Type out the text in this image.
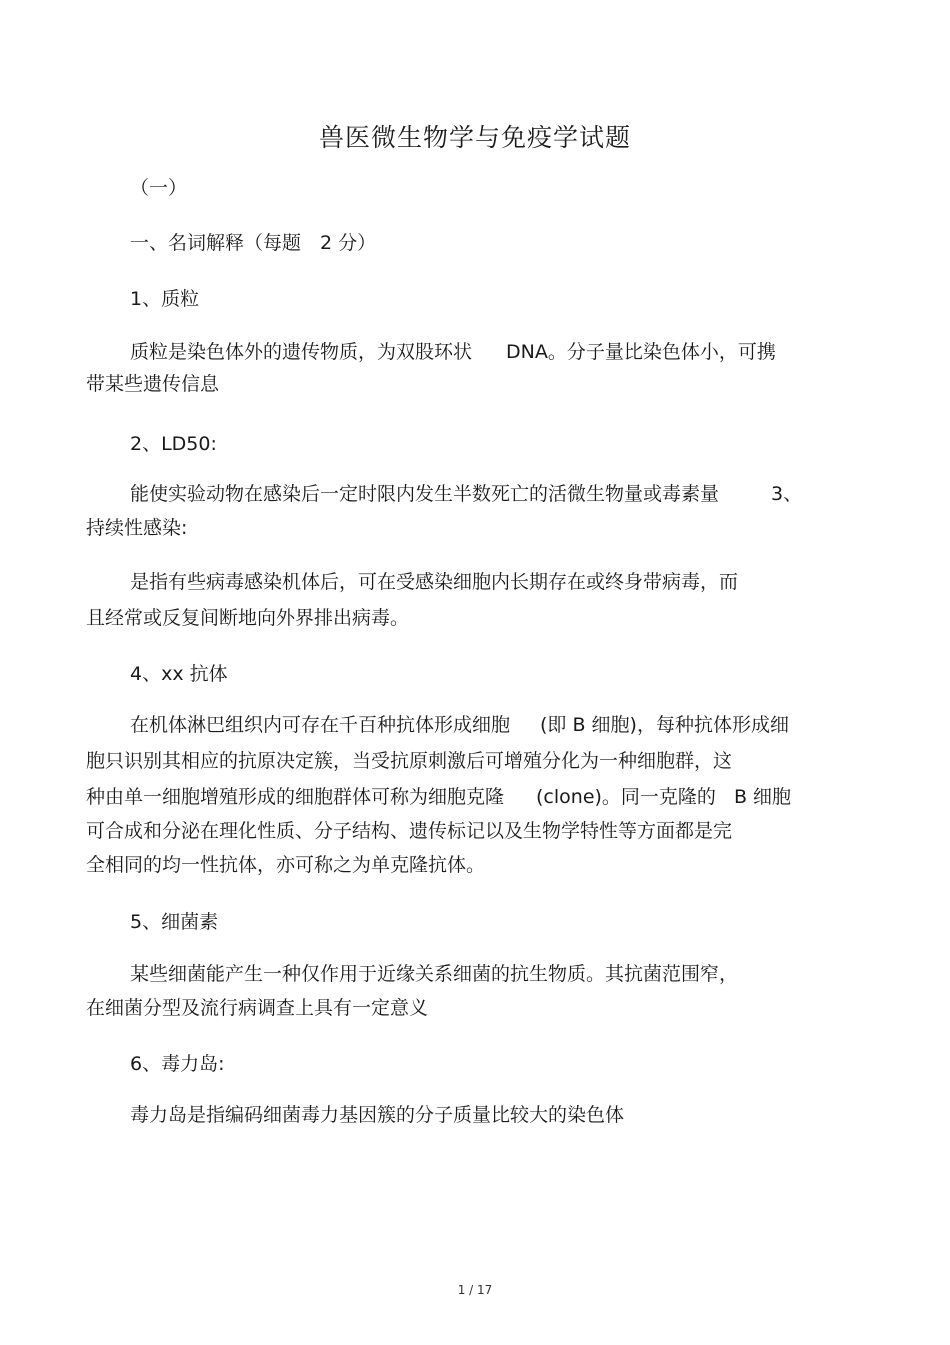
兽医微生物学与免疫学试题
（一）
一、名词解释（每题　2 分）
1、质粒
质粒是染色体外的遗传物质，为双股环状 DNA。分子量比染色体小，可携
带某些遗传信息
2、LD50:
能使实验动物在感染后一定时限内发生半数死亡的活微生物量或毒素量	3、
持续性感染:
是指有些病毒感染机体后，可在受感染细胞内长期存在或终身带病毒，而
且经常或反复间断地向外界排出病毒。
4、xx 抗体
在机体淋巴组织内可存在千百种抗体形成细胞 (即 B 细胞)，每种抗体形成细
胞只识别其相应的抗原决定簇，当受抗原刺激后可增殖分化为一种细胞群，这
种由单一细胞增殖形成的细胞群体可称为细胞克隆 (clone)。同一克隆的 B 细胞
可合成和分泌在理化性质、分子结构、遗传标记以及生物学特性等方面都是完
全相同的均一性抗体，亦可称之为单克隆抗体。
5、细菌素
某些细菌能产生一种仅作用于近缘关系细菌的抗生物质。其抗菌范围窄，
在细菌分型及流行病调查上具有一定意义
6、毒力岛:
毒力岛是指编码细菌毒力基因簇的分子质量比较大的染色体
1 / 17
